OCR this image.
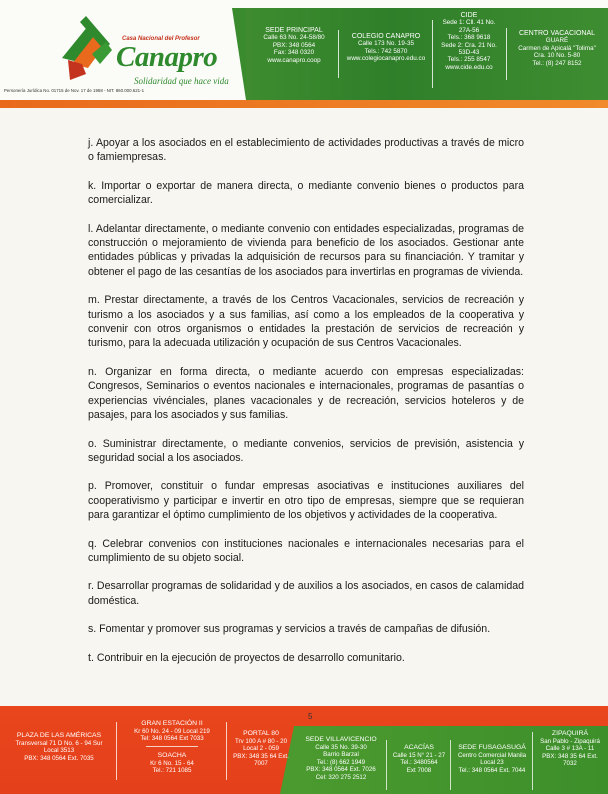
Casa Nacional del Profesor
Canapro
Solidaridad que hace vida
Personería Jurídica No. 01715 de Nov. 17 de 1958 - NIT. 860.000.621-1
SEDE PRINCIPAL
Calle 63 No. 24-58/80
PBX: 348 0564
Fax: 348 0320
www.canapro.coop
COLEGIO CANAPRO
Calle 173 No. 19-35
Tels.: 742 5870
www.colegiocanapro.edu.co
CIDE
Sede 1: Cll. 41 No.
27A-56
Tels.: 368 9618
Sede 2: Cra. 21 No.
53D-43
Tels.: 255 8547
www.cide.edu.co
CENTRO VACACIONAL
GUARÉ
Carmen de Apicalá "Tolima"
Cra. 10 No. 5-80
Tel.: (8) 247 8152

j. Apoyar a los asociados en el establecimiento de actividades productivas a través de micro o famiempresas.

k. Importar o exportar de manera directa, o mediante convenio bienes o productos para comercializar.

l. Adelantar directamente, o mediante convenio con entidades especializadas, programas de construcción o mejoramiento de vivienda para beneficio de los asociados. Gestionar ante entidades públicas y privadas la adquisición de recursos para su financiación. Y tramitar y obtener el pago de las cesantías de los asociados para invertirlas en programas de vivienda.

m. Prestar directamente, a través de los Centros Vacacionales, servicios de recreación y turismo a los asociados y a sus familias, así como a los empleados de la cooperativa y convenir con otros organismos o entidades la prestación de servicios de recreación y turismo, para la adecuada utilización y ocupación de sus Centros Vacacionales.

n. Organizar en forma directa, o mediante acuerdo con empresas especializadas: Congresos, Seminarios o eventos nacionales e internacionales, programas de pasantías o experiencias vivénciales, planes vacacionales y de recreación, servicios hoteleros y de pasajes, para los asociados y sus familias.

o. Suministrar directamente, o mediante convenios, servicios de previsión, asistencia y seguridad social a los asociados.

p. Promover, constituir o fundar empresas asociativas e instituciones auxiliares del cooperativismo y participar e invertir en otro tipo de empresas, siempre que se requieran para garantizar el óptimo cumplimiento de los objetivos y actividades de la cooperativa.

q. Celebrar convenios con instituciones nacionales e internacionales necesarias para el cumplimiento de su objeto social.

r. Desarrollar programas de solidaridad y de auxilios a los asociados, en casos de calamidad doméstica.

s. Fomentar y promover sus programas y servicios a través de campañas de difusión.

t. Contribuir en la ejecución de proyectos de desarrollo comunitario.

PLAZA DE LAS AMÉRICAS
Transversal 71 D No. 6 - 94 Sur
Local 3513
PBX: 348 0564 Ext. 7035
GRAN ESTACIÓN II
Kr 60 No. 24 - 09 Local 219
Tel: 348 0564 Ext 7033
SOACHA
Kr 6 No. 15 - 64
Tel.: 721 1085
PORTAL 80
Trv 100 A # 80 - 20
Local 2 - 059
PBX: 348 35 64 Ext.
7007
SEDE VILLAVICENCIO
Calle 35 No. 39-30
Barrio Barzal
Tel.: (8) 662 1949
PBX: 348 0564 Ext. 7026
Cel: 320 275 2512
ACACÍAS
Calle 15 N° 21 - 27
Tel.: 3480564
Ext 7008
SEDE FUSAGASUGÁ
Centro Comercial Manila
Local 23
Tel.: 348 0564 Ext. 7044
ZIPAQUIRÁ
San Pablo - Zipaquirá
Calle 3 # 13A - 11
PBX: 348 35 64 Ext.
7032
5
